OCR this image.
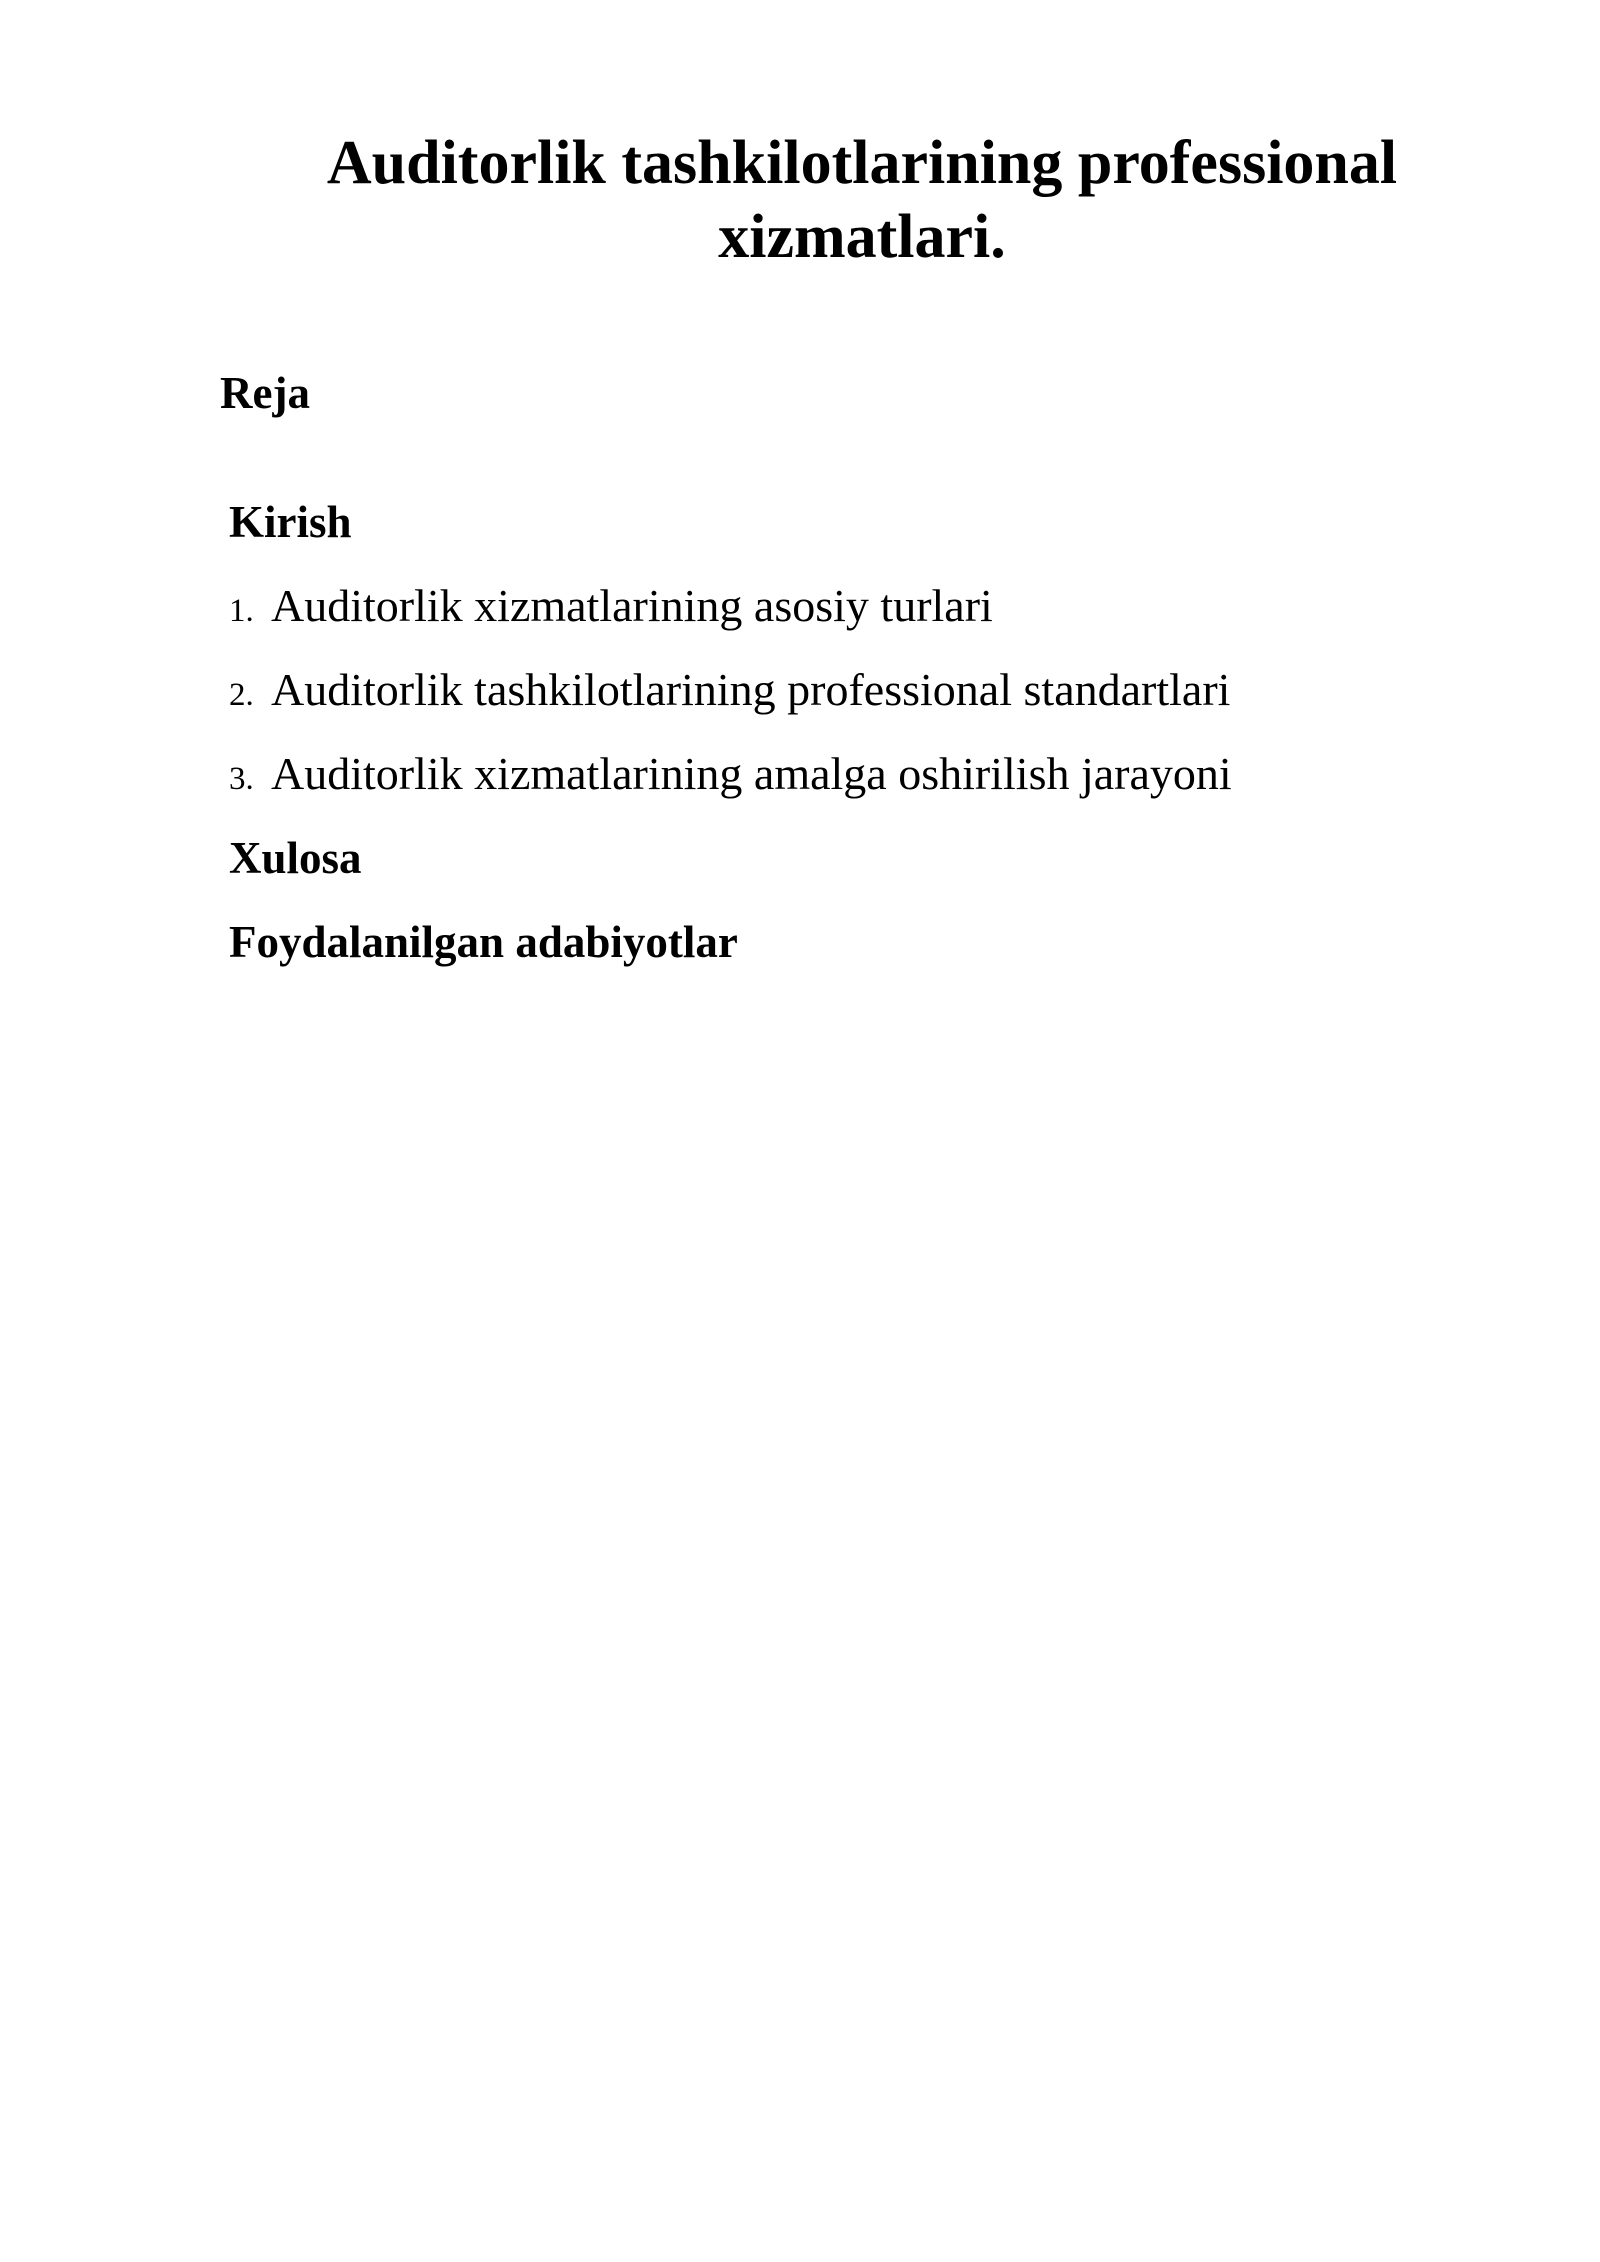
Auditorlik tashkilotlarining professional xizmatlari.
Reja
Kirish
1. Auditorlik xizmatlarining asosiy turlari
2. Auditorlik tashkilotlarining professional standartlari
3. Auditorlik xizmatlarining amalga oshirilish jarayoni
Xulosa
Foydalanilgan adabiyotlar
